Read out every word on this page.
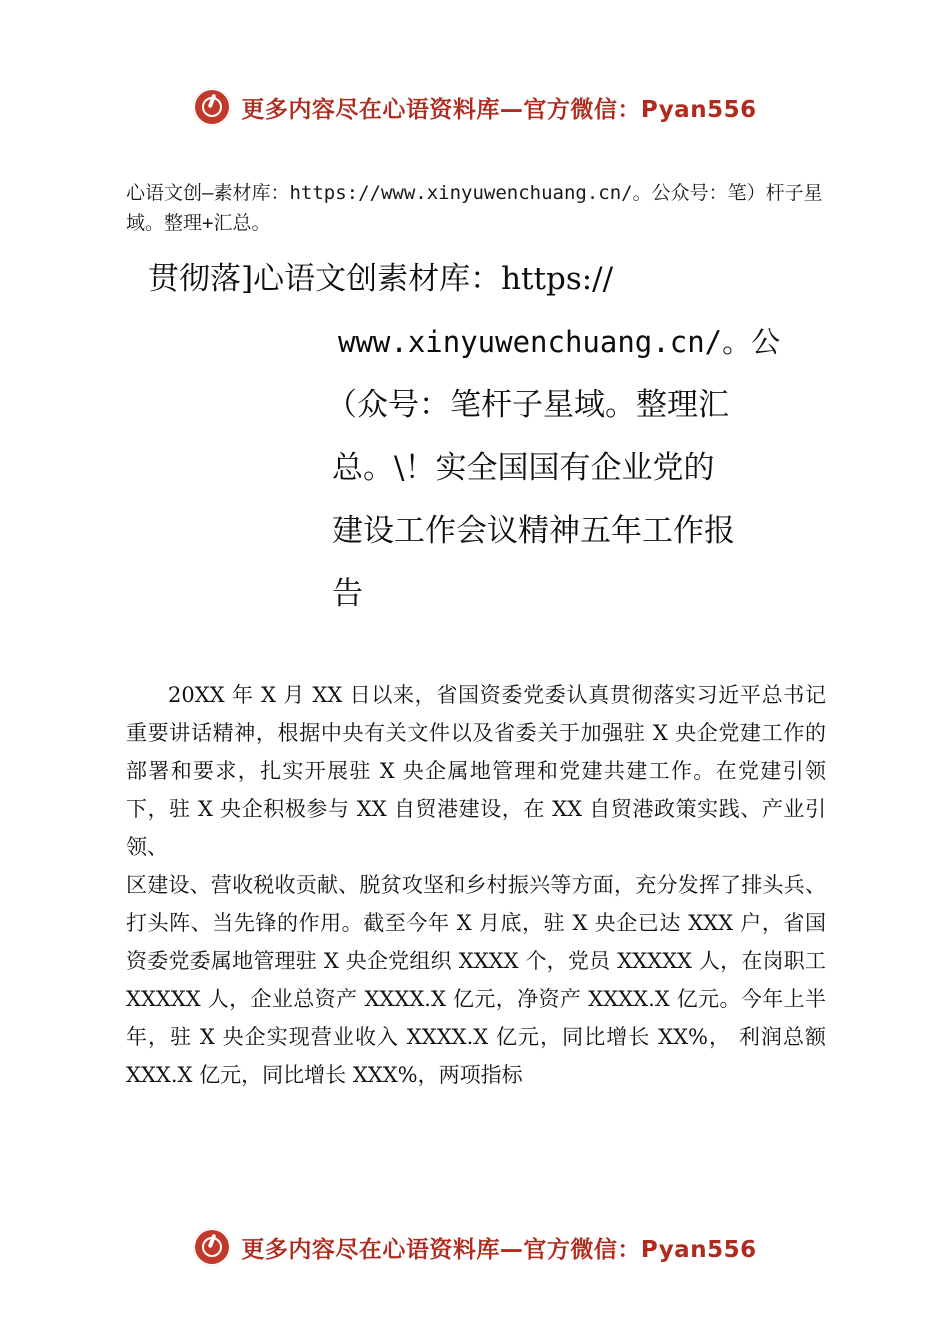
更多内容尽在心语资料库—官方微信：Pyan556
心语文创—素材库：https://www.xinyuwenchuang.cn/。公众号：笔）杆子星域。整理+汇总。
贯彻落]心语文创素材库：https://
www.xinyuwenchuang.cn/。公
（众号：笔杆子星域。整理汇
总。\！实全国国有企业党的
建设工作会议精神五年工作报
告

20XX 年 X 月 XX 日以来，省国资委党委认真贯彻落实习近平总书记重要讲话精神，根据中央有关文件以及省委关于加强驻 X 央企党建工作的部署和要求，扎实开展驻 X 央企属地管理和党建共建工作。在党建引领下，驻 X 央企积极参与 XX 自贸港建设，在 XX 自贸港政策实践、产业引领、

区建设、营收税收贡献、脱贫攻坚和乡村振兴等方面，充分发挥了排头兵、打头阵、当先锋的作用。截至今年 X 月底，驻 X 央企已达 XXX 户，省国资委党委属地管理驻 X 央企党组织 XXXX 个，党员 XXXXX 人，在岗职工 XXXXX 人，企业总资产 XXXX.X 亿元，净资产 XXXX.X 亿元。今年上半年，驻 X 央企实现营业收入 XXXX.X 亿元，同比增长 XX%， 利润总额 XXX.X 亿元，同比增长 XXX%，两项指标

更多内容尽在心语资料库—官方微信：Pyan556
